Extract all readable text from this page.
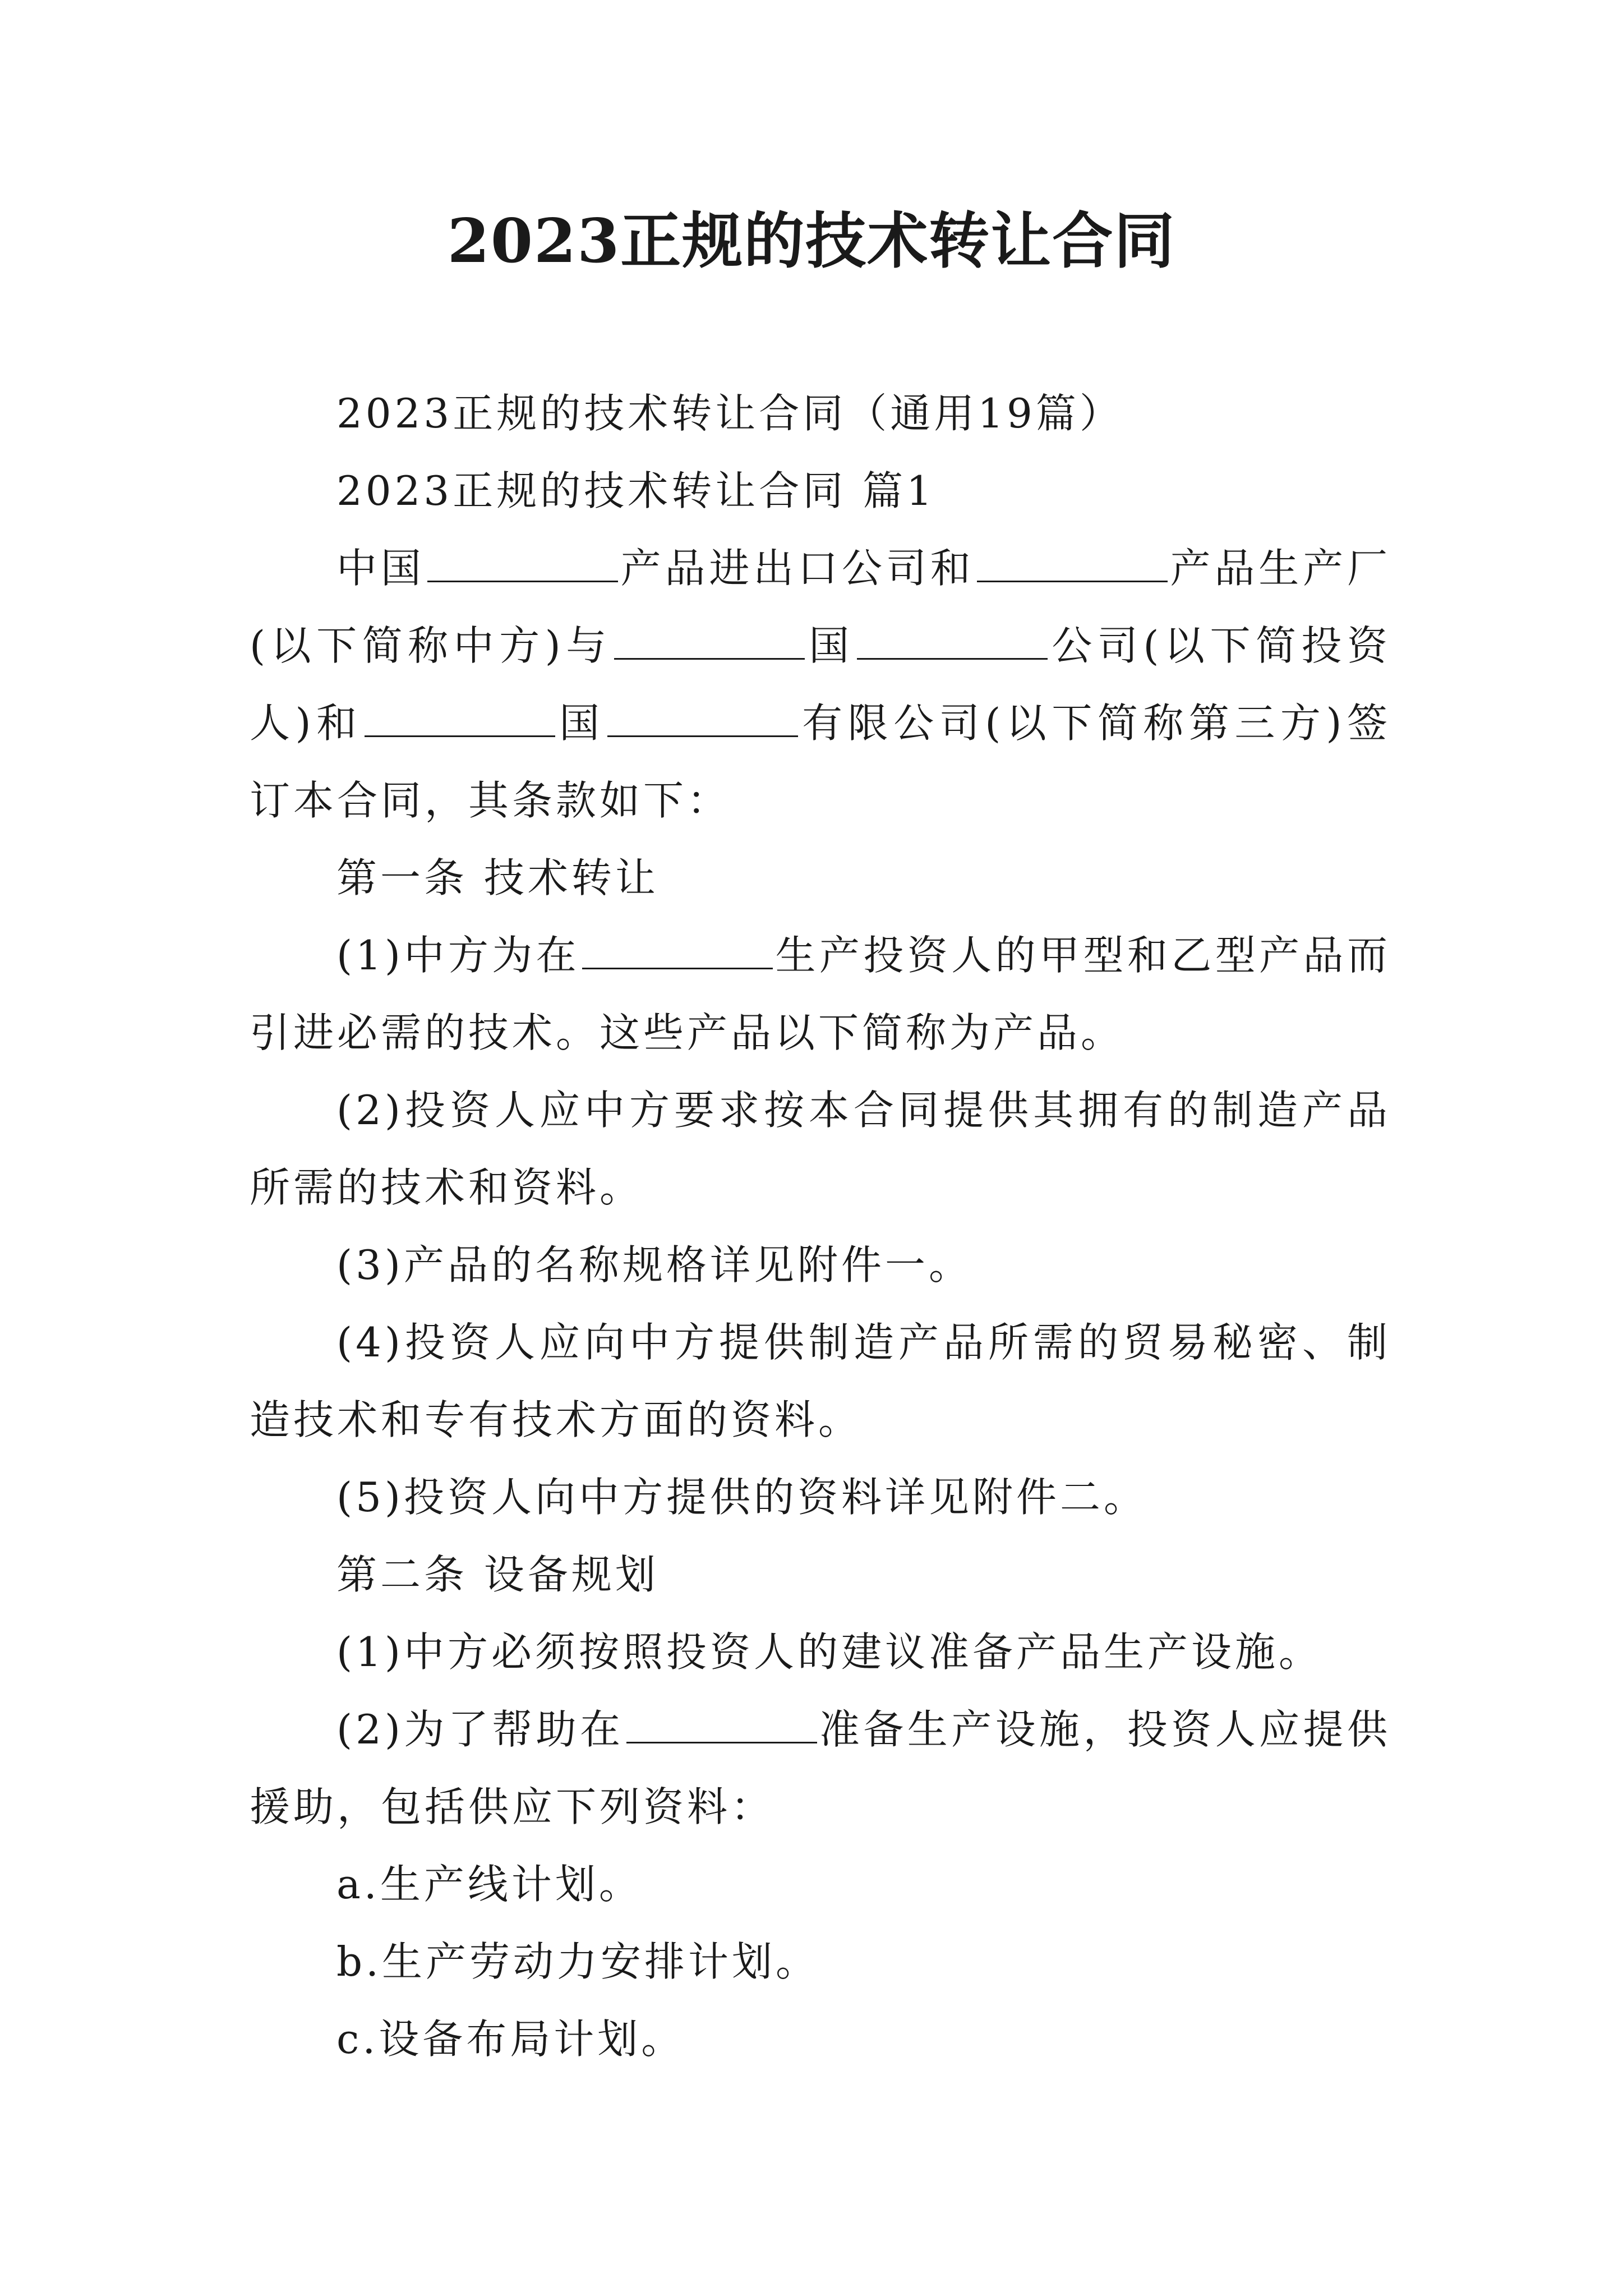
2023正规的技术转让合同

2023正规的技术转让合同（通用19篇）

2023正规的技术转让合同 篇1

中国	产品进出口公司和	产品生产厂(以下简称中方)与	国	公司(以下简投资人)和	国	有限公司(以下简称第三方)签订本合同，其条款如下：

第一条 技术转让

(1)中方为在	生产投资人的甲型和乙型产品而引进必需的技术。这些产品以下简称为产品。

(2)投资人应中方要求按本合同提供其拥有的制造产品所需的技术和资料。

(3)产品的名称规格详见附件一。

(4)投资人应向中方提供制造产品所需的贸易秘密、制造技术和专有技术方面的资料。

(5)投资人向中方提供的资料详见附件二。

第二条 设备规划

(1)中方必须按照投资人的建议准备产品生产设施。

(2)为了帮助在	准备生产设施，投资人应提供援助，包括供应下列资料：

a.生产线计划。

b.生产劳动力安排计划。

c.设备布局计划。
